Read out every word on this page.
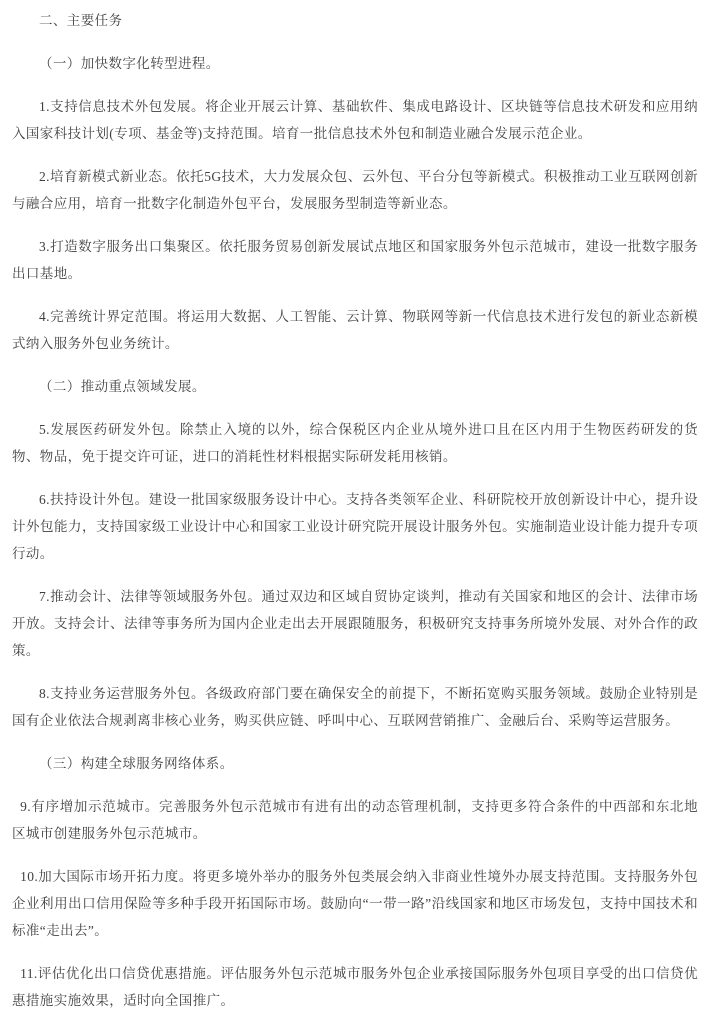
二、主要任务

（一）加快数字化转型进程。

1.支持信息技术外包发展。将企业开展云计算、基础软件、集成电路设计、区块链等信息技术研发和应用纳入国家科技计划(专项、基金等)支持范围。培育一批信息技术外包和制造业融合发展示范企业。

2.培育新模式新业态。依托5G技术，大力发展众包、云外包、平台分包等新模式。积极推动工业互联网创新与融合应用，培育一批数字化制造外包平台，发展服务型制造等新业态。

3.打造数字服务出口集聚区。依托服务贸易创新发展试点地区和国家服务外包示范城市，建设一批数字服务出口基地。

4.完善统计界定范围。将运用大数据、人工智能、云计算、物联网等新一代信息技术进行发包的新业态新模式纳入服务外包业务统计。

（二）推动重点领域发展。

5.发展医药研发外包。除禁止入境的以外，综合保税区内企业从境外进口且在区内用于生物医药研发的货物、物品，免于提交许可证，进口的消耗性材料根据实际研发耗用核销。

6.扶持设计外包。建设一批国家级服务设计中心。支持各类领军企业、科研院校开放创新设计中心，提升设计外包能力，支持国家级工业设计中心和国家工业设计研究院开展设计服务外包。实施制造业设计能力提升专项行动。

7.推动会计、法律等领域服务外包。通过双边和区域自贸协定谈判，推动有关国家和地区的会计、法律市场开放。支持会计、法律等事务所为国内企业走出去开展跟随服务，积极研究支持事务所境外发展、对外合作的政策。

8.支持业务运营服务外包。各级政府部门要在确保安全的前提下，不断拓宽购买服务领域。鼓励企业特别是国有企业依法合规剥离非核心业务，购买供应链、呼叫中心、互联网营销推广、金融后台、采购等运营服务。

（三）构建全球服务网络体系。

9.有序增加示范城市。完善服务外包示范城市有进有出的动态管理机制，支持更多符合条件的中西部和东北地区城市创建服务外包示范城市。

10.加大国际市场开拓力度。将更多境外举办的服务外包类展会纳入非商业性境外办展支持范围。支持服务外包企业利用出口信用保险等多种手段开拓国际市场。鼓励向“一带一路”沿线国家和地区市场发包，支持中国技术和标准“走出去”。

11.评估优化出口信贷优惠措施。评估服务外包示范城市服务外包企业承接国际服务外包项目享受的出口信贷优惠措施实施效果，适时向全国推广。
